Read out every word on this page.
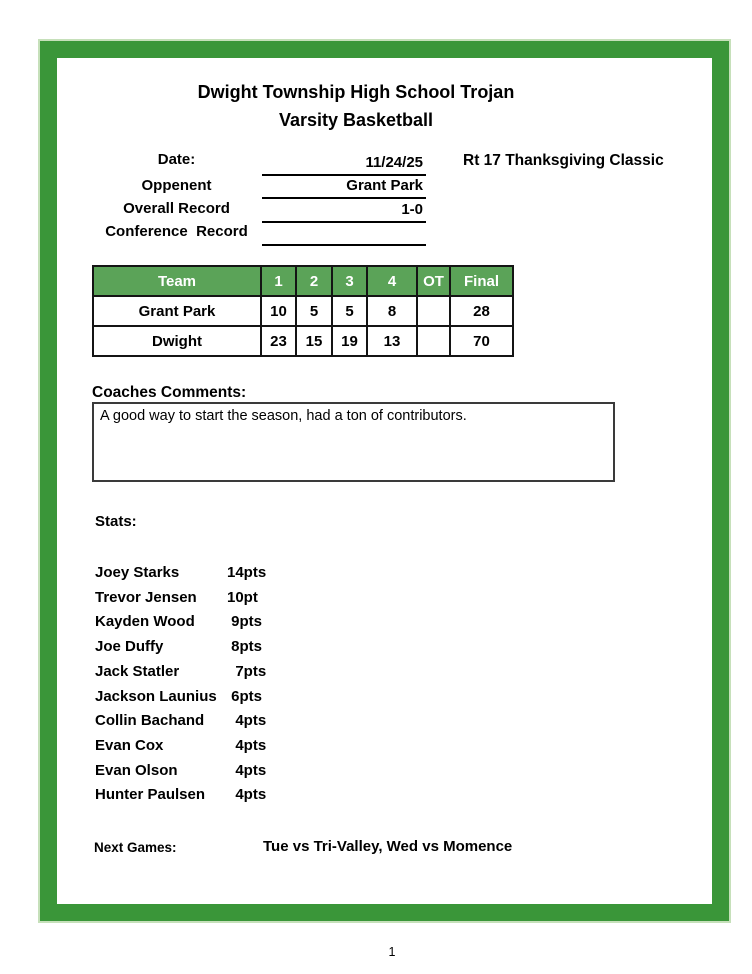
Dwight Township High School Trojan
Varsity Basketball
Date:	11/24/25
Oppenent	Grant Park
Overall Record	1-0
Conference  Record
Rt 17 Thanksgiving Classic
Team	1	2	3	4	OT	Final
Grant Park	10	5	5	8		28
Dwight	23	15	19	13		70
Coaches Comments:
A good way to start the season, had a ton of contributors.
Stats:
Joey Starks	14pts
Trevor Jensen	10pt
Kayden Wood	9pts
Joe Duffy	8pts
Jack Statler	7pts
Jackson Launius 6pts
Collin Bachand	4pts
Evan Cox	4pts
Evan Olson	4pts
Hunter Paulsen	4pts
Next Games:	Tue vs Tri-Valley, Wed vs Momence
1
